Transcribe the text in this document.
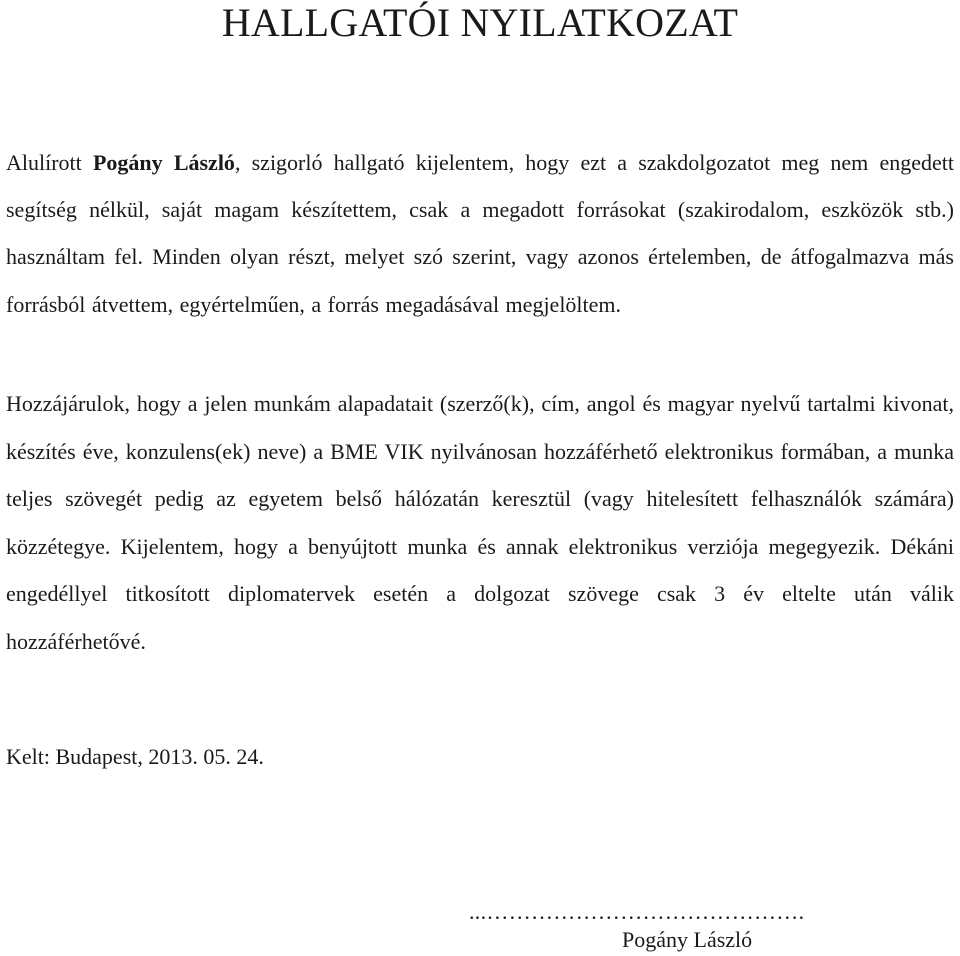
HALLGATÓI NYILATKOZAT

Alulírott Pogány László, szigorló hallgató kijelentem, hogy ezt a szakdolgozatot meg nem engedett segítség nélkül, saját magam készítettem, csak a megadott forrásokat (szakirodalom, eszközök stb.) használtam fel. Minden olyan részt, melyet szó szerint, vagy azonos értelemben, de átfogalmazva más forrásból átvettem, egyértelműen, a forrás megadásával megjelöltem.

Hozzájárulok, hogy a jelen munkám alapadatait (szerző(k), cím, angol és magyar nyelvű tartalmi kivonat, készítés éve, konzulens(ek) neve) a BME VIK nyilvánosan hozzáférhető elektronikus formában, a munka teljes szövegét pedig az egyetem belső hálózatán keresztül (vagy hitelesített felhasználók számára) közzétegye. Kijelentem, hogy a benyújtott munka és annak elektronikus verziója megegyezik. Dékáni engedéllyel titkosított diplomatervek esetén a dolgozat szövege csak 3 év eltelte után válik hozzáférhetővé.

Kelt: Budapest, 2013. 05. 24.

...…………………………………….
Pogány László
